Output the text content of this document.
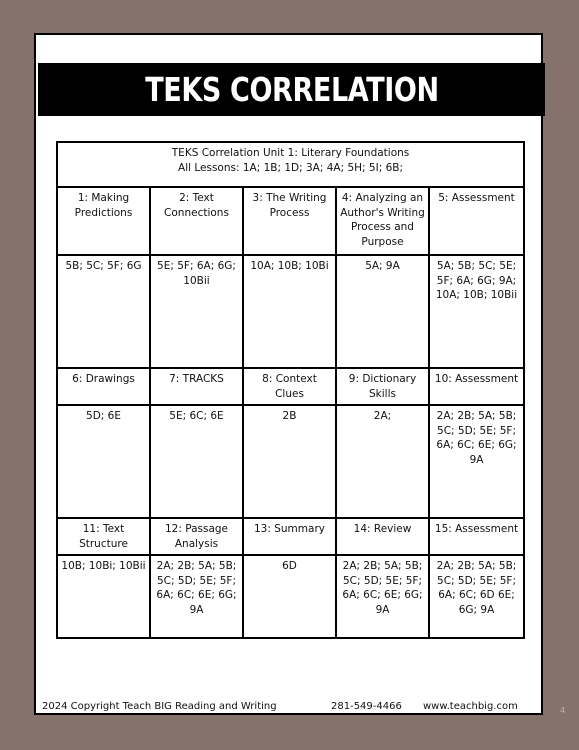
TEKS CORRELATION
TEKS Correlation Unit 1: Literary Foundations
All Lessons: 1A; 1B; 1D; 3A; 4A; 5H; 5I; 6B;				

1: Making Predictions	2: Text Connections	3: The Writing Process	4: Analyzing an Author's Writing Process and Purpose	5: Assessment
5B; 5C; 5F; 6G	5E; 5F; 6A; 6G; 10Bii	10A; 10B; 10Bi	5A; 9A	5A; 5B; 5C; 5E; 5F; 6A; 6G; 9A; 10A; 10B; 10Bii
6: Drawings	7: TRACKS	8: Context Clues	9: Dictionary Skills	10: Assessment
5D; 6E	5E; 6C; 6E	2B	2A;	2A; 2B; 5A; 5B; 5C; 5D; 5E; 5F; 6A; 6C; 6E; 6G; 9A
11: Text Structure	12: Passage Analysis	13: Summary	14: Review	15: Assessment
10B; 10Bi; 10Bii	2A; 2B; 5A; 5B; 5C; 5D; 5E; 5F; 6A; 6C; 6E; 6G; 9A	6D	2A; 2B; 5A; 5B; 5C; 5D; 5E; 5F; 6A; 6C; 6E; 6G; 9A	2A; 2B; 5A; 5B; 5C; 5D; 5E; 5F; 6A; 6C; 6D 6E; 6G; 9A
2024 Copyright Teach BIG Reading and Writing	281-549-4466 www.teachbig.com	4
